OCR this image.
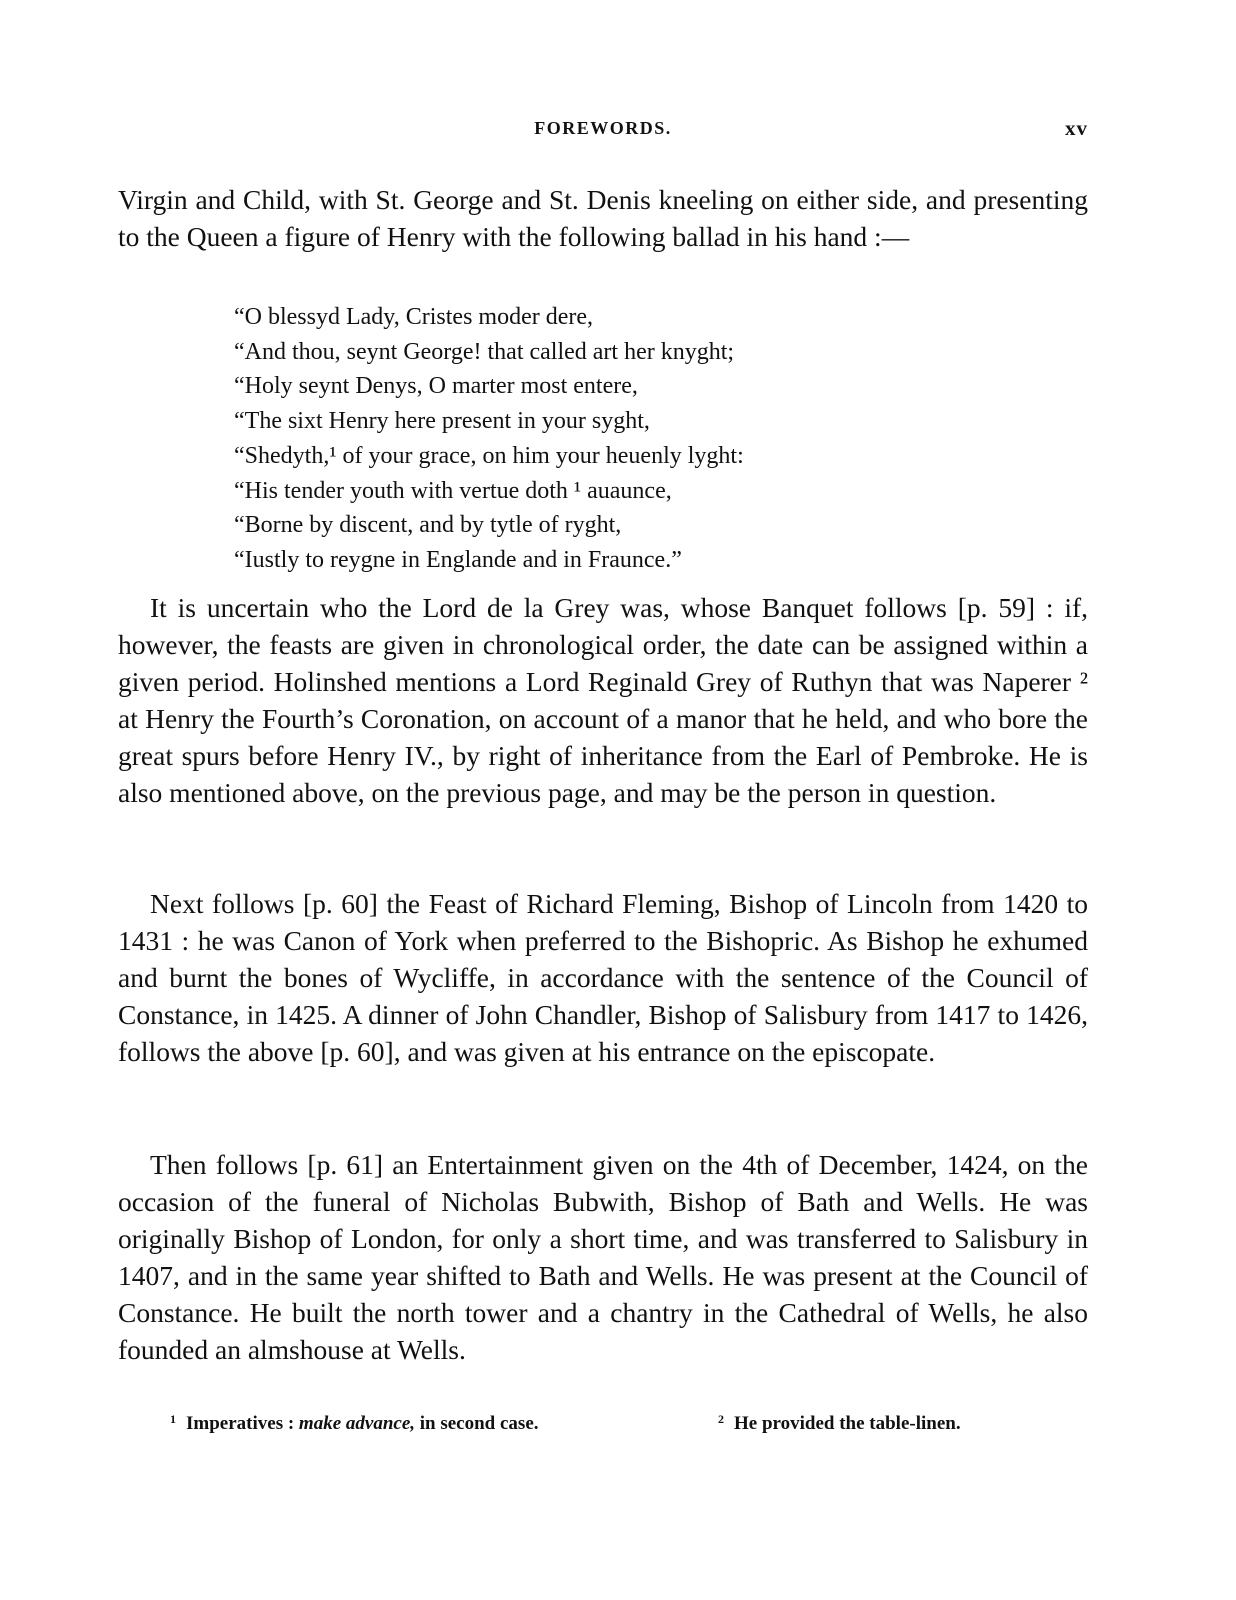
FOREWORDS.	xv

Virgin and Child, with St. George and St. Denis kneeling on either side, and presenting to the Queen a figure of Henry with the following ballad in his hand :—

“O blessyd Lady, Cristes moder dere,
“And thou, seynt George! that called art her knyght;
“Holy seynt Denys, O marter most entere,
“The sixt Henry here present in your syght,
“Shedyth,¹ of your grace, on him your heuenly lyght:
“His tender youth with vertue doth ¹ auaunce,
“Borne by discent, and by tytle of ryght,
“Iustly to reygne in Englande and in Fraunce.”

It is uncertain who the Lord de la Grey was, whose Banquet follows [p. 59] : if, however, the feasts are given in chronological order, the date can be assigned within a given period. Holinshed mentions a Lord Reginald Grey of Ruthyn that was Naperer ² at Henry the Fourth’s Coronation, on account of a manor that he held, and who bore the great spurs before Henry IV., by right of inheritance from the Earl of Pembroke. He is also mentioned above, on the previous page, and may be the person in question.

Next follows [p. 60] the Feast of Richard Fleming, Bishop of Lincoln from 1420 to 1431 : he was Canon of York when preferred to the Bishopric. As Bishop he exhumed and burnt the bones of Wycliffe, in accordance with the sentence of the Council of Constance, in 1425. A dinner of John Chandler, Bishop of Salisbury from 1417 to 1426, follows the above [p. 60], and was given at his entrance on the episcopate.

Then follows [p. 61] an Entertainment given on the 4th of December, 1424, on the occasion of the funeral of Nicholas Bubwith, Bishop of Bath and Wells. He was originally Bishop of London, for only a short time, and was transferred to Salisbury in 1407, and in the same year shifted to Bath and Wells. He was present at the Council of Constance. He built the north tower and a chantry in the Cathedral of Wells, he also founded an almshouse at Wells.

$^1$ Imperatives : make advance, in second case.	$^2$ He provided the table-linen.
